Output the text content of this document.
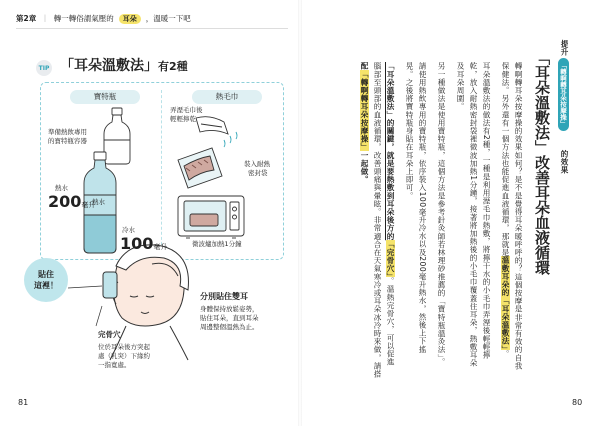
第2章 ｜ 轉一轉俗謂氣壓的	耳朵	，溫暖一下吧
TIP 「耳朵溫敷法」有2種
寶特瓶	熱毛巾
準備熱飲專用
的寶特瓶容器
熱水
200毫升
熱水
冷水
100毫升
弄溼毛巾後
輕輕擰乾
裝入耐熱
密封袋
微波爐加熱1分鐘
貼住
這裡！
分別貼住雙耳
身體保持放鬆姿勢，
貼住耳朵，直到耳朵
周邊整個溫熱為止。
完骨穴
位於耳朵後方突起
處（乳突）下緣約
一指寬處。
81
提升
「轉啊轉耳朵按摩操」
的效果
「耳朵溫敷法」改善耳朵血液循環
轉啊轉耳朵按摩操的效果如何？是不是覺得耳朵暖呼呼的？這個按摩是非常有效的自我
保健法。另外還有一個方法也能促進血液循環，那就是溫敷耳朵的「耳朵溫敷法」。
耳朵溫敷法的做法有2種，一種是利用溼毛巾熱敷，將擰干水的小毛巾弄溼後輕輕擰
乾，放入耐熱密封袋裡微波加熱1分鐘，接著將加熱後的小毛巾覆蓋住耳朵，熱敷耳朵
及耳朵周圍。
另一種做法是使用寶特瓶，這個方法是參考針灸師若林理砂推薦的「寶特瓶溫灸法」。
請使用熱飲專用的寶特瓶，依序裝入100毫升冷水以及200毫升熱水，然後上下搖
晃。之後將寶特瓶身貼在耳朵上即可。
「耳朵溫敷法」的關鍵，就是要熱敷到耳朵後方的「完骨穴」。溫熱完骨穴，可以促進
腦部至頭部的血液循環，改善頭痛與暈眩。非常適合在天氣寒冷或耳朵冰冷時來做，請搭
配「轉啊轉耳朵按摩操」一起做。
80
